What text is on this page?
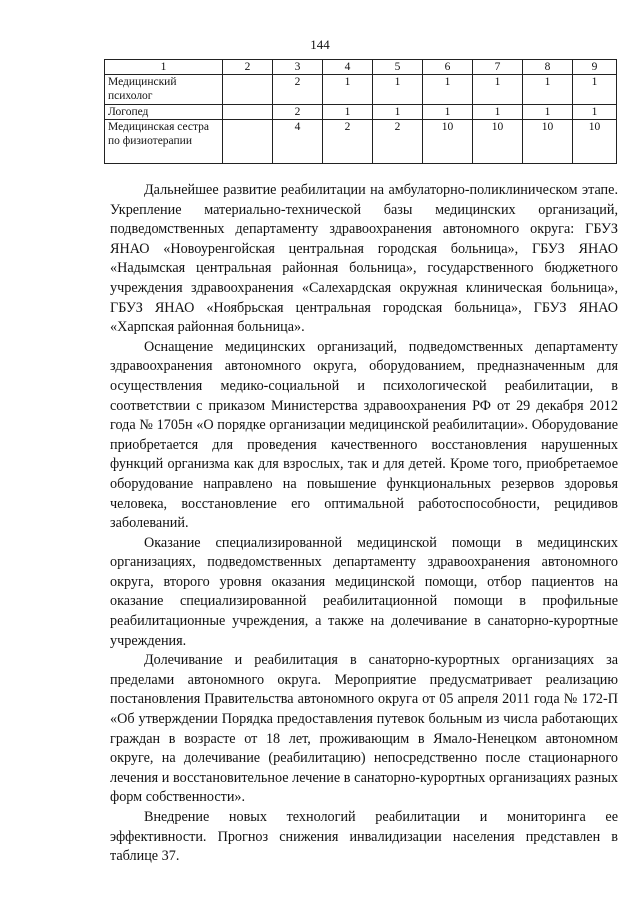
144
1	2	3	4	5	6	7	8	9
Медицинский психолог		2	1	1	1	1	1	1
Логопед		2	1	1	1	1	1	1
Медицинская сестра по физиотерапии		4	2	2	10	10	10	10

Дальнейшее развитие реабилитации на амбулаторно-поликлиническом этапе. Укрепление материально-технической базы медицинских организаций, подведомственных департаменту здравоохранения автономного округа: ГБУЗ ЯНАО «Новоуренгойская центральная городская больница», ГБУЗ ЯНАО «Надымская центральная районная больница», государственного бюджетного учреждения здравоохранения «Салехардская окружная клиническая больница», ГБУЗ ЯНАО «Ноябрьская центральная городская больница», ГБУЗ ЯНАО «Харпская районная больница».

Оснащение медицинских организаций, подведомственных департаменту здравоохранения автономного округа, оборудованием, предназначенным для осуществления медико-социальной и психологической реабилитации, в соответствии с приказом Министерства здравоохранения РФ от 29 декабря 2012 года № 1705н «О порядке организации медицинской реабилитации». Оборудование приобретается для проведения качественного восстановления нарушенных функций организма как для взрослых, так и для детей. Кроме того, приобретаемое оборудование направлено на повышение функциональных резервов здоровья человека, восстановление его оптимальной работоспособности, рецидивов заболеваний.

Оказание специализированной медицинской помощи в медицинских организациях, подведомственных департаменту здравоохранения автономного округа, второго уровня оказания медицинской помощи, отбор пациентов на оказание специализированной реабилитационной помощи в профильные реабилитационные учреждения, а также на долечивание в санаторно-курортные учреждения.

Долечивание и реабилитация в санаторно-курортных организациях за пределами автономного округа. Мероприятие предусматривает реализацию постановления Правительства автономного округа от 05 апреля 2011 года № 172-П «Об утверждении Порядка предоставления путевок больным из числа работающих граждан в возрасте от 18 лет, проживающим в Ямало-Ненецком автономном округе, на долечивание (реабилитацию) непосредственно после стационарного лечения и восстановительное лечение в санаторно-курортных организациях разных форм собственности».

Внедрение новых технологий реабилитации и мониторинга ее эффективности. Прогноз снижения инвалидизации населения представлен в таблице 37.
